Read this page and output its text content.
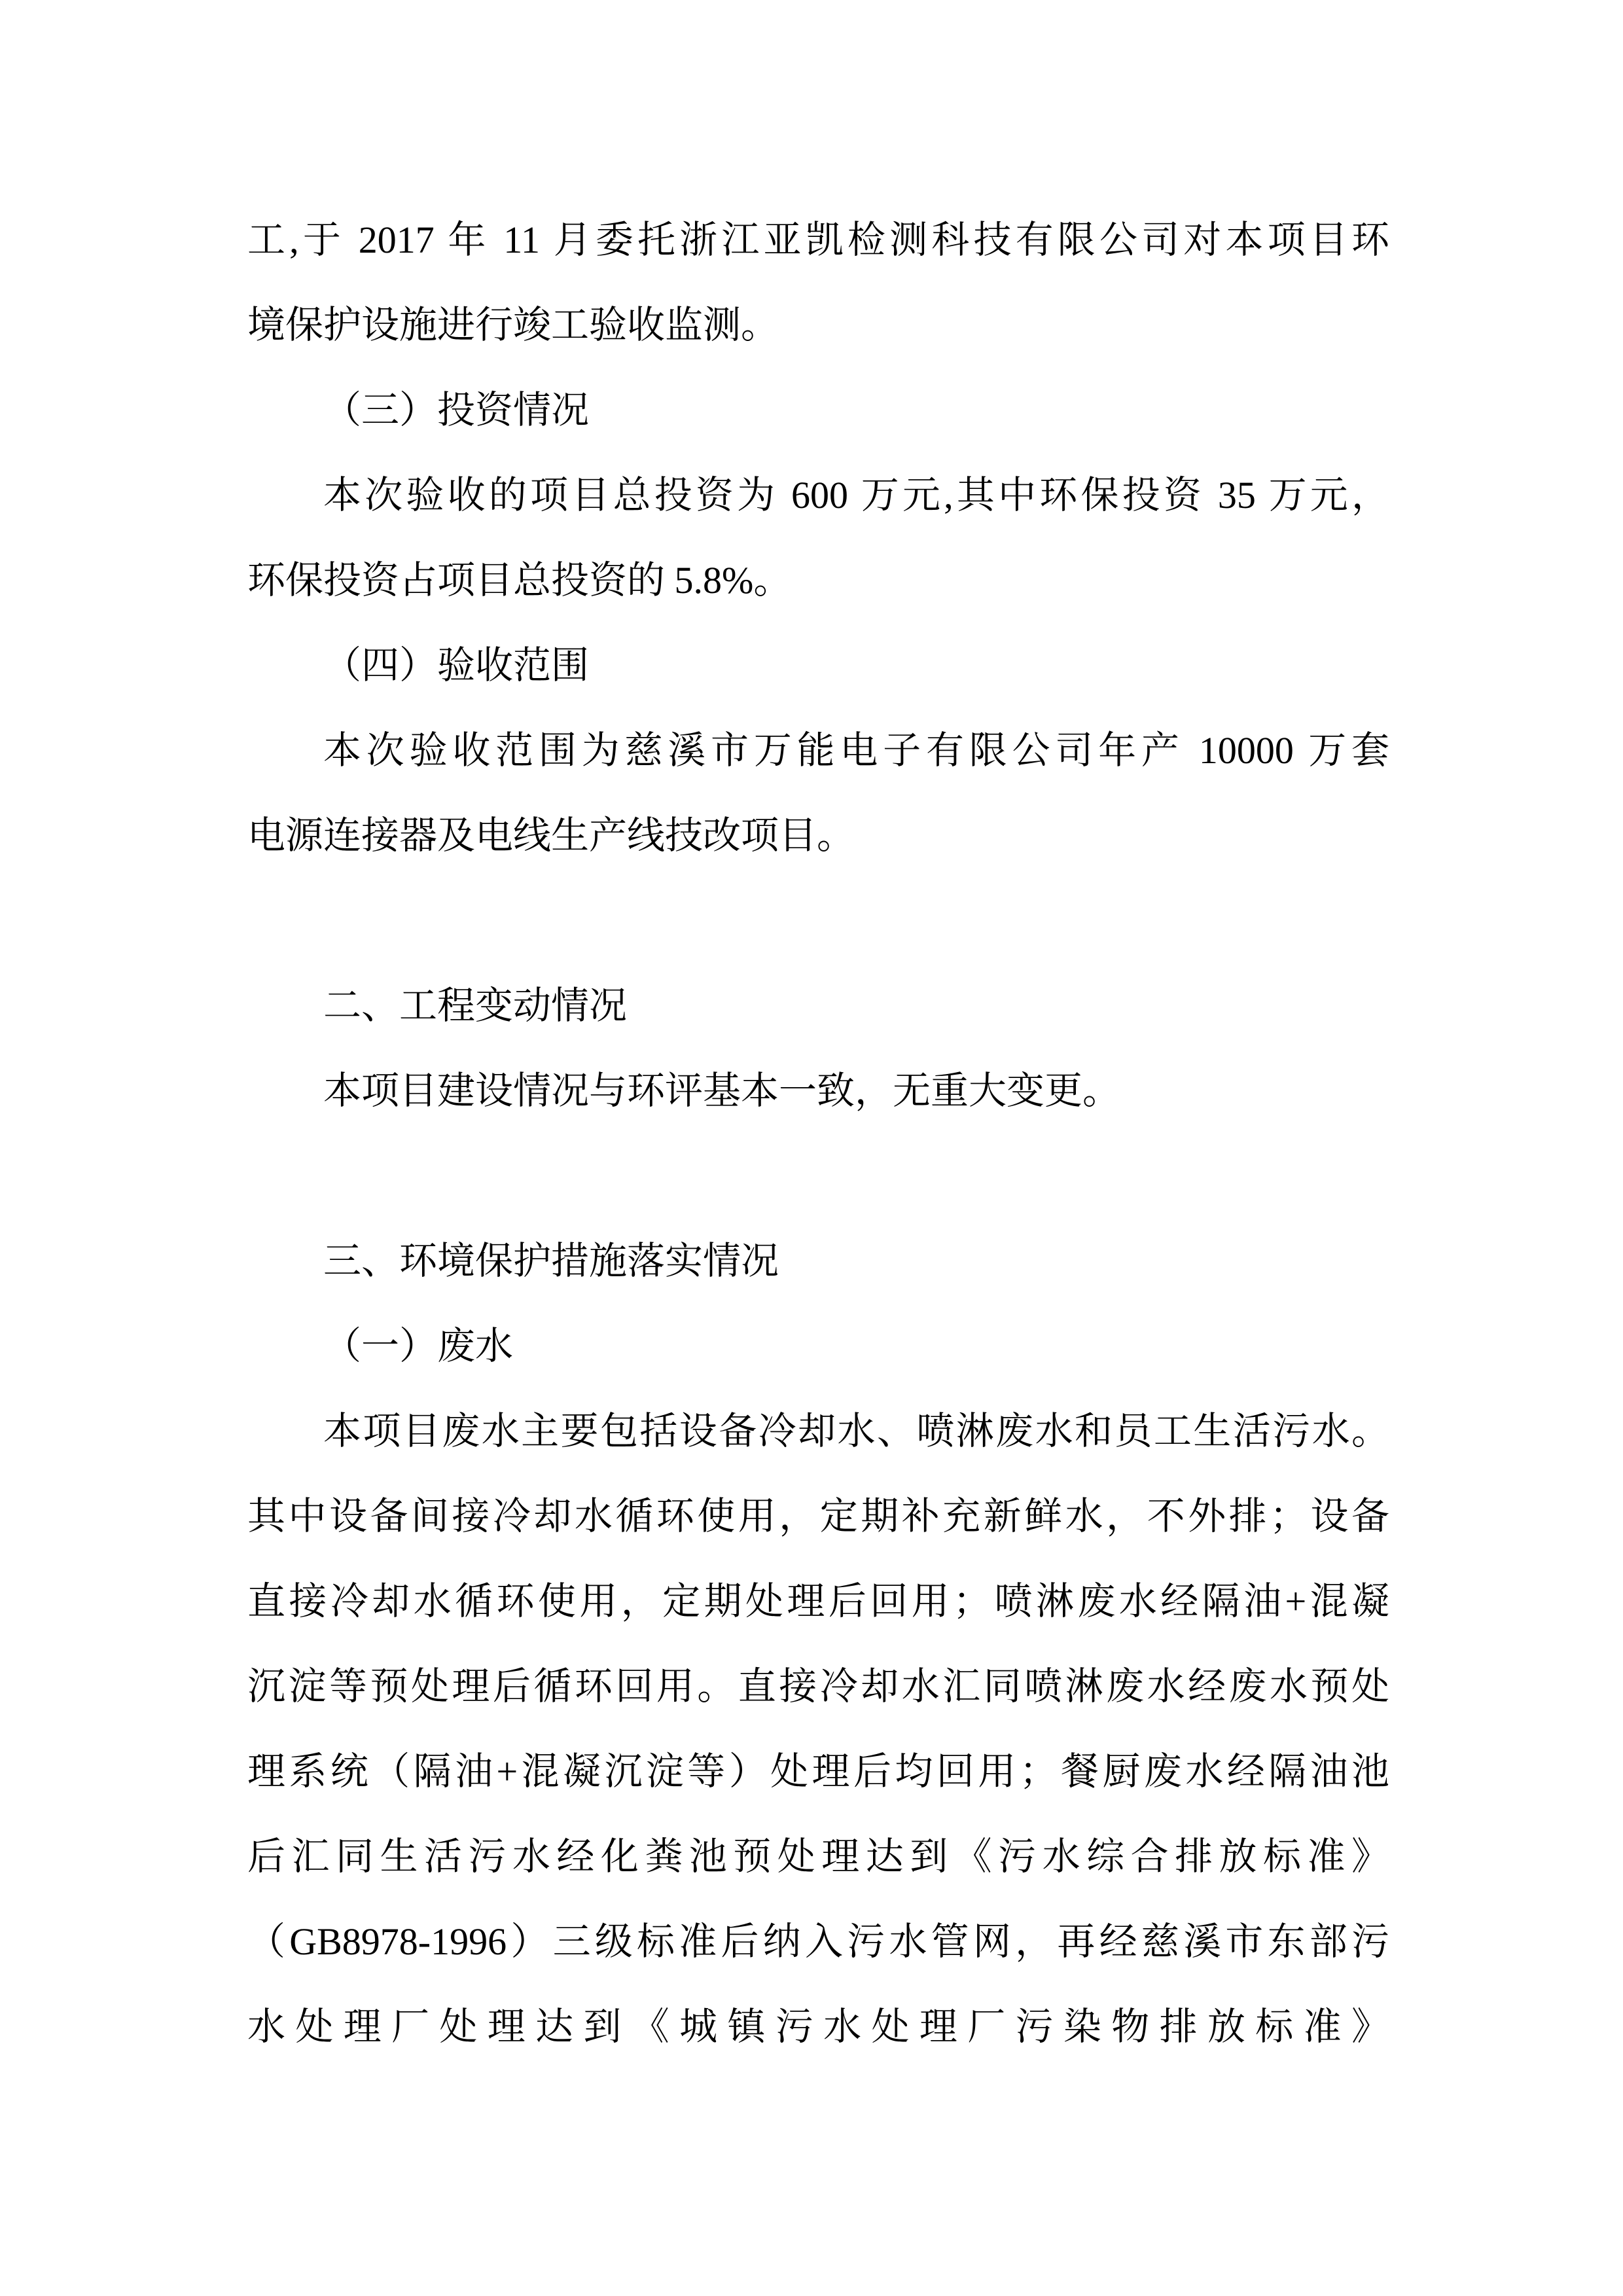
工,于 2017 年 11 月委托浙江亚凯检测科技有限公司对本项目环
境保护设施进行竣工验收监测。
（三）投资情况
本次验收的项目总投资为 600 万元,其中环保投资 35 万元，
环保投资占项目总投资的 5.8%。
（四）验收范围
本次验收范围为慈溪市万能电子有限公司年产 10000 万套
电源连接器及电线生产线技改项目。
二、工程变动情况
本项目建设情况与环评基本一致，无重大变更。
三、环境保护措施落实情况
（一）废水
本项目废水主要包括设备冷却水、喷淋废水和员工生活污水。
其中设备间接冷却水循环使用，定期补充新鲜水，不外排；设备
直接冷却水循环使用，定期处理后回用；喷淋废水经隔油+混凝
沉淀等预处理后循环回用。直接冷却水汇同喷淋废水经废水预处
理系统（隔油+混凝沉淀等）处理后均回用；餐厨废水经隔油池
后汇同生活污水经化粪池预处理达到《污水综合排放标准》
（GB8978-1996）三级标准后纳入污水管网，再经慈溪市东部污
水处理厂处理达到《城镇污水处理厂污染物排放标准》
